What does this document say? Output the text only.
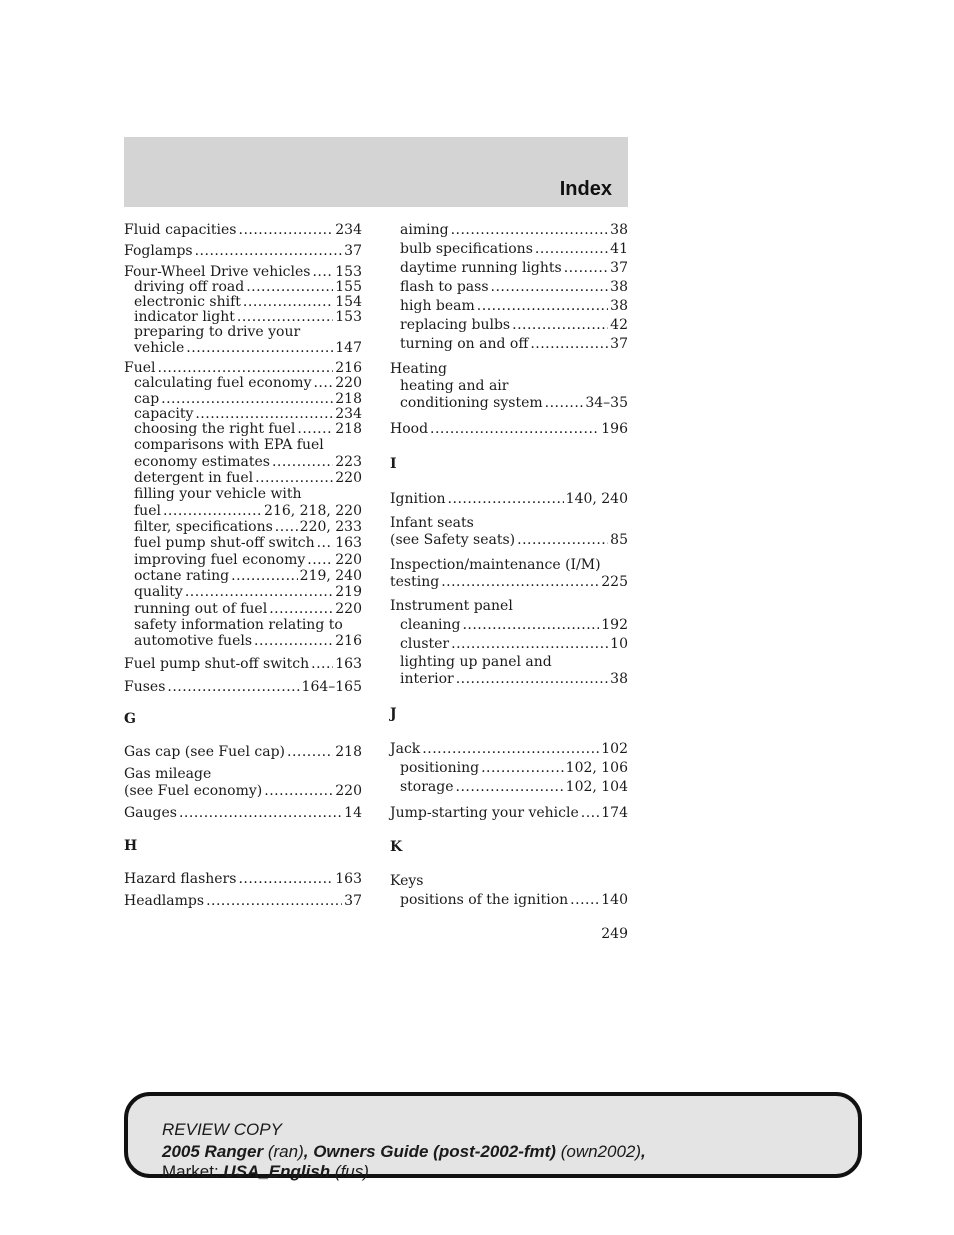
Index
Fluid capacities .....	234
Foglamps .....	37
Four-Wheel Drive vehicles ..... 153
driving off road .....	155
electronic shift .....	154
indicator light .....	153
preparing to drive your
vehicle .....	147
Fuel .....	216
calculating fuel economy ..... 220
cap .....	218
capacity .....	234
choosing the right fuel .....	218
comparisons with EPA fuel
economy estimates .....	223
detergent in fuel .....	220
filling your vehicle with
fuel .....	216, 218, 220
filter, specifications ..... 220, 233
fuel pump shut-off switch ..... 163
improving fuel economy ..... 220
octane rating .....	219, 240
quality .....	219
running out of fuel .....	220
safety information relating to
automotive fuels .....	216
Fuel pump shut-off switch ..... 163
Fuses .....	164–165
G
Gas cap (see Fuel cap) .....	218
Gas mileage
(see Fuel economy) .....	220
Gauges .....	14
H
Hazard flashers .....	163
Headlamps .....	37
aiming .....	38
bulb specifications .....	41
daytime running lights .....	37
flash to pass .....	38
high beam .....	38
replacing bulbs .....	42
turning on and off .....	37
Heating
heating and air
conditioning system .....	34–35
Hood .....	196
I
Ignition .....	140, 240
Infant seats
(see Safety seats) .....	85
Inspection/maintenance (I/M)
testing .....	225
Instrument panel
cleaning .....	192
cluster .....	10
lighting up panel and
interior .....	38
J
Jack .....	102
positioning .....	102, 106
storage .....	102, 104
Jump-starting your vehicle ..... 174
K
Keys
positions of the ignition ..... 140
249
REVIEW COPY
2005 Ranger (ran), Owners Guide (post-2002-fmt) (own2002),
Market: USA_English (fus)
